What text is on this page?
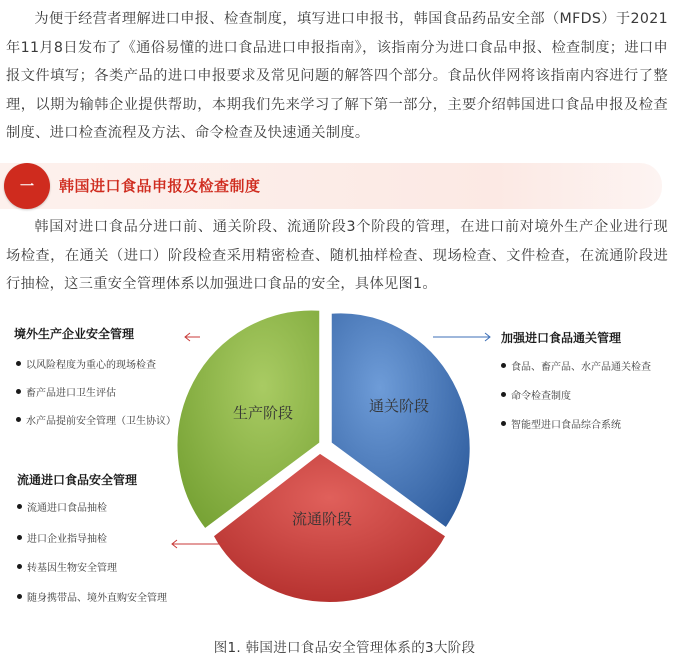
为便于经营者理解进口申报、检查制度，填写进口申报书，韩国食品药品安全部（MFDS）于2021年11月8日发布了《通俗易懂的进口食品进口申报指南》，该指南分为进口食品申报、检查制度；进口申报文件填写；各类产品的进口申报要求及常见问题的解答四个部分。食品伙伴网将该指南内容进行了整理，以期为输韩企业提供帮助，本期我们先来学习了解下第一部分，主要介绍韩国进口食品申报及检查制度、进口检查流程及方法、命令检查及快速通关制度。
一	韩国进口食品申报及检查制度
韩国对进口食品分进口前、通关阶段、流通阶段3个阶段的管理，在进口前对境外生产企业进行现场检查，在通关（进口）阶段检查采用精密检查、随机抽样检查、现场检查、文件检查，在流通阶段进行抽检，这三重安全管理体系以加强进口食品的安全，具体见图1。
生产阶段	通关阶段
流通阶段
境外生产企业安全管理
以风险程度为重心的现场检查
畜产品进口卫生评估
水产品提前安全管理（卫生协议）
加强进口食品通关管理
食品、畜产品、水产品通关检查
命令检查制度
智能型进口食品综合系统
流通进口食品安全管理
流通进口食品抽检
进口企业指导抽检
转基因生物安全管理
随身携带品、境外直购安全管理
图1. 韩国进口食品安全管理体系的3大阶段
